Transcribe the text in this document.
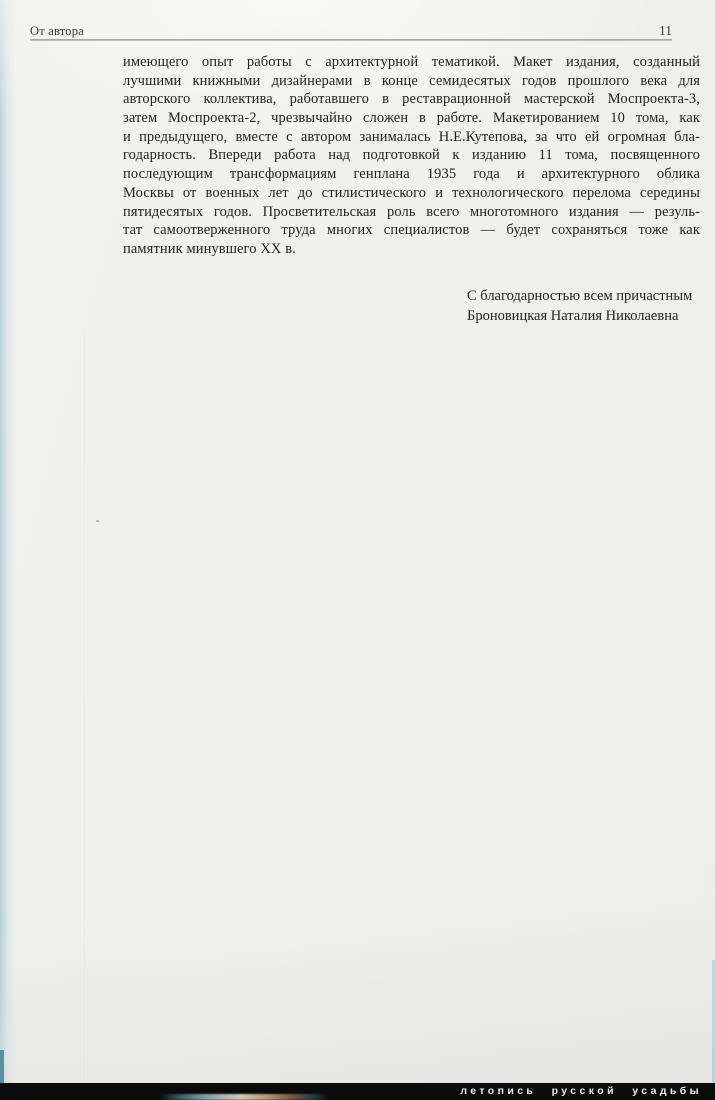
От автора	11
имеющего опыт работы с архитектурной тематикой. Макет издания, созданный
лучшими книжными дизайнерами в конце семидесятых годов прошлого века для
авторского коллектива, работавшего в реставрационной мастерской Моспроекта-3,
затем Моспроекта-2, чрезвычайно сложен в работе. Макетированием 10 тома, как
и предыдущего, вместе с автором занималась Н.Е.Кутепова, за что ей огромная бла-
годарность. Впереди работа над подготовкой к изданию 11 тома, посвященного
последующим трансформациям генплана 1935 года и архитектурного облика
Москвы от военных лет до стилистического и технологического перелома середины
пятидесятых годов. Просветительская роль всего многотомного издания — резуль-
тат самоотверженного труда многих специалистов — будет сохраняться тоже как
памятник минувшего XX в.
С благодарностью всем причастным
Броновицкая Наталия Николаевна
летопись русской усадьбы
